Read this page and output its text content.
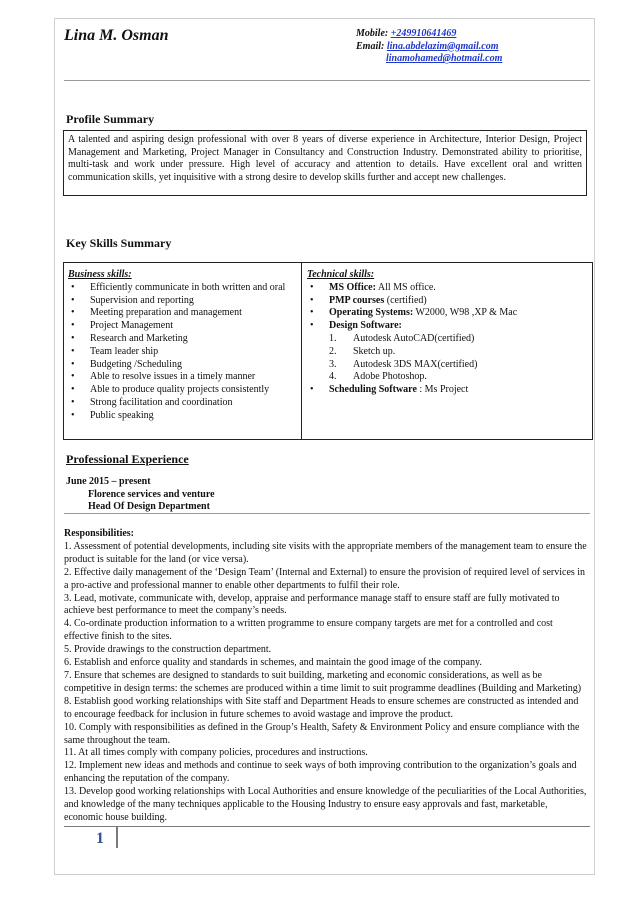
Lina M. Osman	Mobile: +249910641469
Email: lina.abdelazim@gmail.com
linamohamed@hotmail.com
Profile Summary
A talented and aspiring design professional with over 8 years of diverse experience in Architecture, Interior Design, Project Management and Marketing, Project Manager in Consultancy and Construction Industry. Demonstrated ability to prioritise, multi-task and work under pressure. High level of accuracy and attention to details. Have excellent oral and written communication skills, yet inquisitive with a strong desire to develop skills further and accept new challenges.
Key Skills Summary
Business skills:
• Efficiently communicate in both written and oral
• Supervision and reporting
• Meeting preparation and management
• Project Management
• Research and Marketing
• Team leader ship
• Budgeting /Scheduling
• Able to resolve issues in a timely manner
• Able to produce quality projects consistently
• Strong facilitation and coordination
• Public speaking
Technical skills:
• MS Office: All MS office.
• PMP courses (certified)
• Operating Systems: W2000, W98 ,XP & Mac
• Design Software:
1. Autodesk AutoCAD(certified)
2. Sketch up.
3. Autodesk 3DS MAX(certified)
4. Adobe Photoshop.
• Scheduling Software : Ms Project
Professional Experience
June 2015 – present
Florence services and venture
Head Of Design Department
Responsibilities:

1. Assessment of potential developments, including site visits with the appropriate members of the management team to ensure the product is suitable for the land (or vice versa).

2. Effective daily management of the ‘Design Team’ (Internal and External) to ensure the provision of required level of services in a pro-active and professional manner to enable other departments to fulfil their role.

3. Lead, motivate, communicate with, develop, appraise and performance manage staff to ensure staff are fully motivated to achieve best performance to meet the company’s needs.

4. Co-ordinate production information to a written programme to ensure company targets are met for a controlled and cost effective finish to the sites.

5. Provide drawings to the construction department.

6. Establish and enforce quality and standards in schemes, and maintain the good image of the company.

7. Ensure that schemes are designed to standards to suit building, marketing and economic considerations, as well as be competitive in design terms: the schemes are produced within a time limit to suit programme deadlines (Building and Marketing)

8. Establish good working relationships with Site staff and Department Heads to ensure schemes are constructed as intended and to encourage feedback for inclusion in future schemes to avoid wastage and improve the product.

10. Comply with responsibilities as defined in the Group’s Health, Safety & Environment Policy and ensure compliance with the same throughout the team.

11. At all times comply with company policies, procedures and instructions.

12. Implement new ideas and methods and continue to seek ways of both improving contribution to the organization’s goals and enhancing the reputation of the company.

13. Develop good working relationships with Local Authorities and ensure knowledge of the peculiarities of the Local Authorities, and knowledge of the many techniques applicable to the Housing Industry to ensure easy approvals and fast, marketable, economic house building.

1
